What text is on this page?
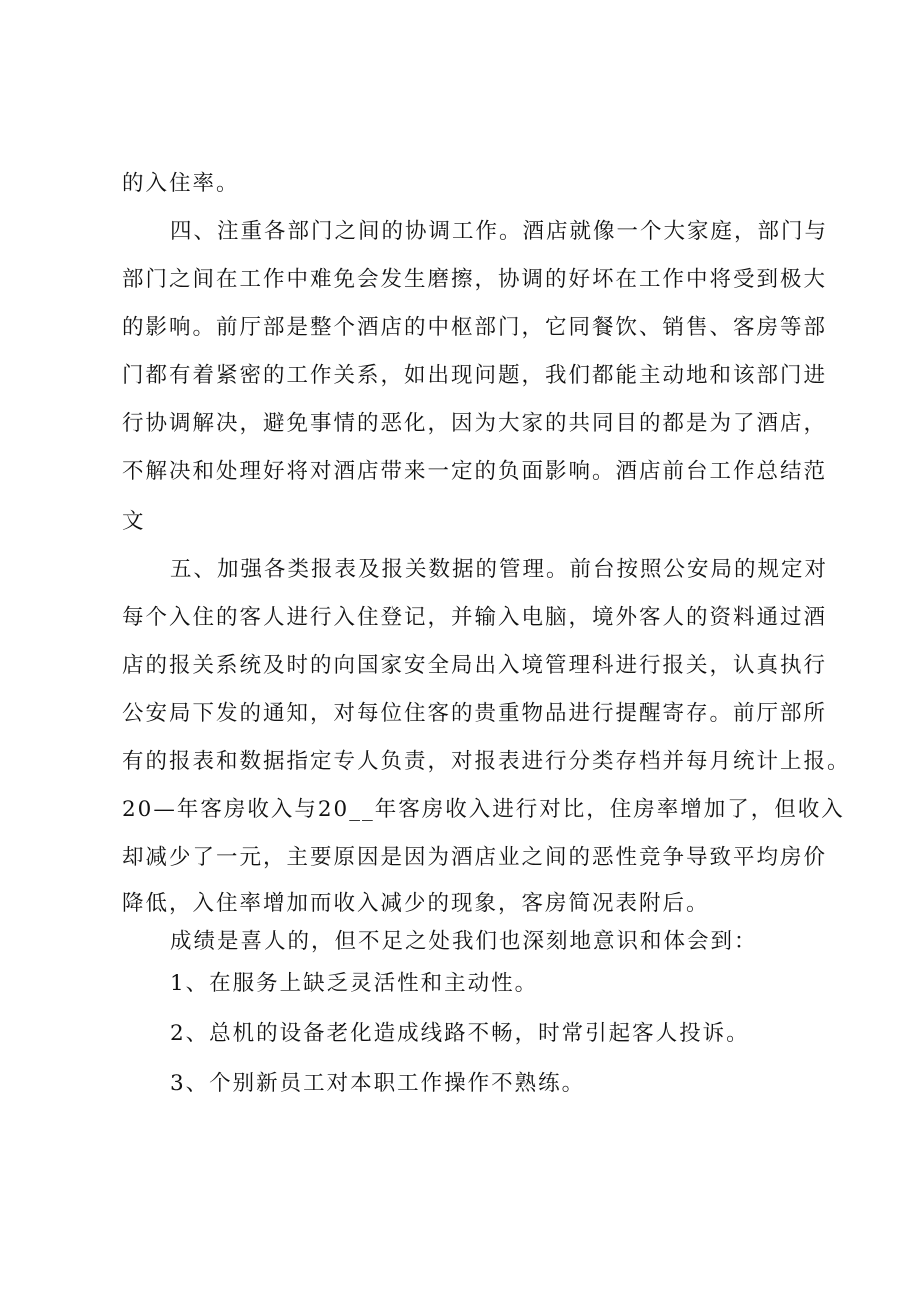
的入住率。
四、注重各部门之间的协调工作。酒店就像一个大家庭，部门与
部门之间在工作中难免会发生磨擦，协调的好坏在工作中将受到极大
的影响。前厅部是整个酒店的中枢部门，它同餐饮、销售、客房等部
门都有着紧密的工作关系，如出现问题，我们都能主动地和该部门进
行协调解决，避免事情的恶化，因为大家的共同目的都是为了酒店，
不解决和处理好将对酒店带来一定的负面影响。酒店前台工作总结范
文
五、加强各类报表及报关数据的管理。前台按照公安局的规定对
每个入住的客人进行入住登记，并输入电脑，境外客人的资料通过酒
店的报关系统及时的向国家安全局出入境管理科进行报关，认真执行
公安局下发的通知，对每位住客的贵重物品进行提醒寄存。前厅部所
有的报表和数据指定专人负责，对报表进行分类存档并每月统计上报。
20—年客房收入与20__年客房收入进行对比，住房率增加了，但收入
却减少了一元，主要原因是因为酒店业之间的恶性竞争导致平均房价
降低，入住率增加而收入减少的现象，客房简况表附后。
成绩是喜人的，但不足之处我们也深刻地意识和体会到：
1、在服务上缺乏灵活性和主动性。
2、总机的设备老化造成线路不畅，时常引起客人投诉。
3、个别新员工对本职工作操作不熟练。
